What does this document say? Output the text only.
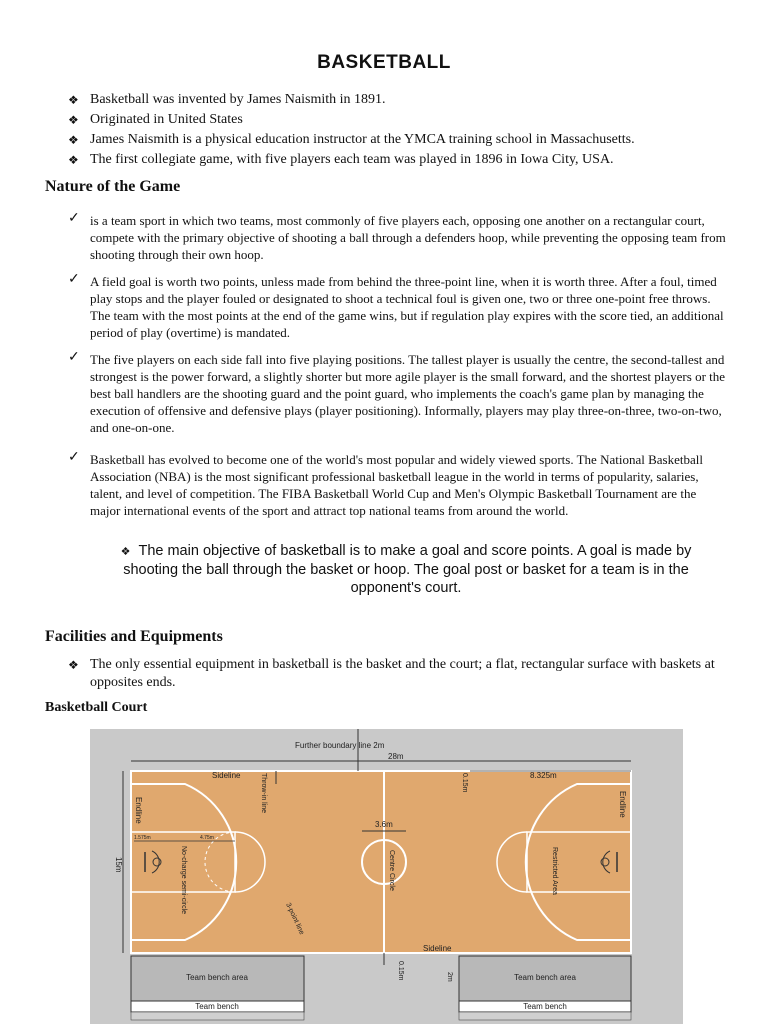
BASKETBALL
❖ Basketball was invented by James Naismith in 1891.
❖ Originated in United States
❖ James Naismith is a physical education instructor at the YMCA training school in Massachusetts.
❖ The first collegiate game, with five players each team was played in 1896 in Iowa City, USA.
Nature of the Game
✓ is a team sport in which two teams, most commonly of five players each, opposing one another on a rectangular court, compete with the primary objective of shooting a ball through a defenders hoop, while preventing the opposing team from shooting through their own hoop.
✓ A field goal is worth two points, unless made from behind the three-point line, when it is worth three. After a foul, timed play stops and the player fouled or designated to shoot a technical foul is given one, two or three one-point free throws. The team with the most points at the end of the game wins, but if regulation play expires with the score tied, an additional period of play (overtime) is mandated.
✓ The five players on each side fall into five playing positions. The tallest player is usually the centre, the second-tallest and strongest is the power forward, a slightly shorter but more agile player is the small forward, and the shortest players or the best ball handlers are the shooting guard and the point guard, who implements the coach's game plan by managing the execution of offensive and defensive plays (player positioning). Informally, players may play three-on-three, two-on-two, and one-on-one.
✓ Basketball has evolved to become one of the world's most popular and widely viewed sports. The National Basketball Association (NBA) is the most significant professional basketball league in the world in terms of popularity, salaries, talent, and level of competition. The FIBA Basketball World Cup and Men's Olympic Basketball Tournament are the major international events of the sport and attract top national teams from around the world.
❖ The main objective of basketball is to make a goal and score points. A goal is made by shooting the ball through the basket or hoop. The goal post or basket for a team is in the opponent's court.
Facilities and Equipments
❖ The only essential equipment in basketball is the basket and the court; a flat, rectangular surface with baskets at opposites ends.
Basketball Court
Further boundary line 2m
28m
Sideline	Throw-in line	0.15m	8.325m
Endline	Endline
15m
1.575m	4.75m
3.6m
No-charge semi-circle	Centre Circle	Restricted Area
3-point line
Sideline
0.15m	2m
Team bench area	Team bench area
Team bench	Team bench
